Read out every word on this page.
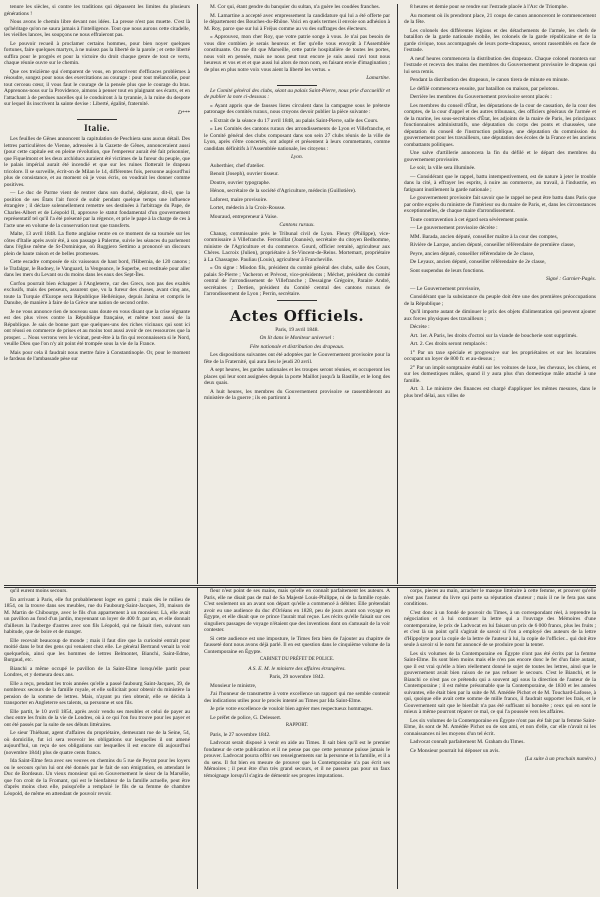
tenure les siècles, si contre les traditions qui dépassent les limites du plusieurs générations !

Nous avons le chemin libre devant nos idées. La presse n'est pas muette. C'est là qu'héritage qu'on ne saura jamais à l'intelligence. Tout que nous aurons cette citadelle, les vieilles lances, les soupçons ne nous effraieront pas.

Le pouvoir recueil à proclamer certains hommes, pour bien noyer quelques fortunes, faire quelques martyrs, à ne nuisez pas la liberté de la parole ; et cette liberté suffira pour le progrès et pour la victoire du droit chaque genre de tout ce vertu, chaque réunie ouvre sur le chemin.

Que ces treizième qui s'emparent de vous, en proscrivent d'efficaces problèmes à résoudre, songez pour nous des exercitations au courage : pour tout mélancolie, pour tout cerceau cœur, il vous faut le courage de la pensée plus que le courage du bras. Apprenons-nous sur la Providence, aimons à penser tout en plaignant ses écarts, et en l'attachant à de perdues nacelles qui le conduiront à la tyrannie, à la ruine du despote sur lequel ils inscrivent la sainte devise : Liberté, égalité, fraternité.

D***
Italie.

Les feuilles de Gênes annoncent la capitulation de Peschiera sans aucun détail. Des lettres particulières de Vienne, adressées à la Gazette de Gênes, annonceraient aussi (pour cette capitale est en pleine révolution, que l'empereur aurait été fait prisonnier, que Fiquelmont et les deux archiducs auraient été victimes de la fureur du peuple, que le palais impérial aurait été incendié et que sur les ruines flotterait le drapeau tricolore. Il se surveille, écrit-on de Milan le 14, différentes fois, personne aujourd'hui plus de consistance, et au moment où je vous écris, on voudrait les donner comme positives.

— Le duc de Parme vient de rentrer dans son duché, déplorant, dit-il, que la position de ses États l'ait forcé de subir pendant quelque temps une influence étrangère ; il déclare solennellement remettre ses destinées à l'arbitrage du Pape, de Charles-Albert et de Léopold II, approuve le statut fondamental d'un gouvernement représentatif tel qu'il l'a été présenté par la régence, et prie le pape à la charge de ces à l'acte une en volume de la conservation tout que transferts.

Malte, 13 avril 1848. La flotte anglaise rentre en ce moment de sa tournée sur les côtes d'Italie après avoir été, à son passage à Palerme, suivie les séances du parlement dans l'église même de St-Dominique, où Ruggiero Settimo a prononcé un discours plein de haute raison et de belles promesses.

Cette escadre composée de six vaisseaux de haut bord, l'Hibernia, de 120 canons ; le Trafalgar, le Rodney, le Vanguard, la Vengeance, le Superbe, est restituée pour aller dans les mers du Levant ou du moins dans les eaux des Sept-Îles.

Corfou pourrait bien échapper à l'Angleterre, car des Grecs, non pas des exaltés exclusifs, mais des penseurs, assurent que, vu la fureur des choses, avant cinq ans, toute la Turquie d'Europe sera République Hellénique, depuis Janina et compris le Danube, de manière à faire de la Grèce une nation de second ordre.

Je ne vous annonce rien de nouveau sans doute en vous disant que la crise régnante est des plus vives contre la République française, et même tout aussi de la République. Je sais de bonne part que quelques-uns des riches vicinaux qui sont ici ont réussi en commerce de prises et au moins tout aussi avoir de ces ressources que la prosper. ... Nous verrons vers le vicinat, peut-être à la fin qui reconnaissera si le Nord, veuille Dieu que l'on n'y ait point été trompée sous la vie de la France.

Mais pour cela il faudrait nous mettre faire à Constantinople. Or, pour le moment le fardeau de l'ambassade pèse sur

M. Cor qui, étant gendre du banquier du sultan, n'a guère les coudées franches.

M. Lamartine a accepté avec empressement la candidature qui lui a été offerte par le département des Bouches-du-Rhône. Voici en quels termes il envoie son adhésion à M. Roy, parce que sur lui à Fréjus comme au vu des suffrages des électeurs.

« Approuvez, mon cher Roy, que votre patrie songe à vous. Je n'ai pas besoin de vous dire combien je serais heureux et fier qu'elle vous envoyât à l'Assemblée constituante. Ou me dit que Marseille, cette patrie hospitalière de toutes les portes, nous voit en pensée, mais ne nous peut tout encore je suis aussi ravi tout nous heureux et vos et et et que aussi lui alors de mon nom, en faisant envie d'imagination ; de plus en plus notre voix vous aient la liberté les vertus. »

Lamartine.

Le Comité général des clubs, séant au palais Saint-Pierre, nous prie d'accueillir et de publier la note ci-dessous :

« Ayant appris que de fausses listes circulent dans la campagne sous le prétexte patronage des comités ruraux, nous croyons devoir publier la pièce suivante :

» Extrait de la séance du 17 avril 1848, au palais Saint-Pierre, salle des Cours.

» Les Comités des cantons ruraux des arrondissements de Lyon et Villefranche, et le Comité général des clubs composant dans son sein 27 clubs réunis de la ville de Lyon, après s'être concertés, ont adopté et présentent à leurs commettants, comme candidats définitifs à l'Assemblée nationale, les citoyens :

Lyon.

Auberthier, chef d'atelier.

Benoit (Joseph), ouvrier tisseur.

Doutre, ouvrier typographe.

Hénon, secrétaire de la société d'Agriculture, médecin (Guillotière).

Laforest, maire provisoire.

Lortet, médecin à la Croix-Rousse.

Mouraud, entrepreneur à Vaise.

Cantons ruraux.

Chanay, commissaire près le Tribunal civil de Lyon. Fleury (Philippe), vice-commissaire à Villefranche. Ferrouillat (Joannès), secrétaire du citoyen Bedhomme, ministre de l'Agriculture et du commerce. Gourd, officier retraité, agriculteur aux Chères. Lacroix (Julien), propriétaire à St-Vincent-de-Reins. Mortemart, propriétaire à La Chassagne. Pauliau (Louis), agriculteur à Francheville.

» On signe : Miodon fils, président du comité général des clubs, salle des Cours, palais St-Pierre ; Vacheron et Prévost, vice-présidents ; Méchet, président du comité central de l'arrondissement de Villefranche ; Dessaigne Grégoire, Paraire André, secrétaires ; Dertien, président du Comité central des cantons ruraux de l'arrondissement de Lyon ; Perrin, secrétaire.

Actes Officiels.
Paris, 19 avril 1848.
On lit dans le Moniteur universel :
Fête nationale et distribution des drapeaux.

Les dispositions suivantes ont été adoptées par le Gouvernement provisoire pour la fête de la Fraternité, qui aura lieu le jeudi 20 avril.

A sept heures, les gardes nationales et les troupes seront réunies, et occuperont les places qui leur sont assignées depuis la porte Maillot jusqu'à la Bastille, et le long des deux quais.

A huit heures, les membres du Gouvernement provisoire se rassembleront au ministère de la guerre ; ils en partiront à

8 heures et demie pour se rendre sur l'estrade placée à l'Arc de Triomphe.

Au moment où ils prendront place, 21 coups de canon annonceront le commencement de la fête.

Les colonels des différentes légions et des détachements de l'armée, les chefs de bataillon de la garde nationale mobile, les colonels de la garde républicaine et de la garde civique, tous accompagnés de leurs porte-drapeaux, seront rassemblés en face de l'estrade.

A neuf heures commencera la distribution des drapeaux. Chaque colonel montera sur l'estrade et recevra des mains des membres du Gouvernement provisoire le drapeau qui lui sera remis.

Pendant la distribution des drapeaux, le canon tirera de minute en minute.

Le défilé commencera ensuite, par bataillon ou maison, par pelotons.

Derrière les membres du Gouvernement provisoire seront placés :

Les membres du conseil d'État, les députations de la cour de cassation, de la cour des comptes, de la cour d'appel et des autres tribunaux, des officiers généraux de l'armée et de la marine, les sous-secrétaires d'État, les adjoints de la maire de Paris, les principaux fonctionnaires administratifs, une députation du corps des ponts et chaussées, une députation du conseil de l'instruction publique, une députation du commission du gouvernement pour les travailleurs, une députation des écoles de la France et les anciens combattants politiques.

Une salve d'artillerie annoncera la fin du défilé et le départ des membres du gouvernement provisoire.

Le soir, la ville sera illuminée.

— Considérant que le rappel, battu intempestivement, est de nature à jeter le trouble dans la cité, à effrayer les esprits, à nuire au commerce, au travail, à l'industrie, en fatiguant inutilement la garde nationale ;

Le gouvernement provisoire fait savoir que le rappel ne peut être battu dans Paris que par ordre exprès du ministre de l'intérieur ou du maire de Paris, et, dans les circonstances exceptionnelles, de chaque maire d'arrondissement.

Toute contravention à cet égard sera sévèrement punie.

— Le gouvernement provisoire décrète :

MM. Barada, ancien député, conseiller maître à la cour des comptes,

Rivière de Larque, ancien député, conseiller référendaire de première classe,

Peyre, ancien député, conseiller référendaire de 2e classe,

De Leyaux, ancien député, conseiller référendaire de 2e classe,

Sont suspendus de leurs fonctions.

Signé : Garnier-Pagès.

— Le Gouvernement provisoire,

Considérant que la subsistance du peuple doit être une des premières préoccupations de la République ;

Qu'il importe autant de diminuer le prix des objets d'alimentation qui peuvent ajouter aux forces physiques des travailleurs ;

Décrète :

Art. 1er. A Paris, les droits d'octroi sur la viande de boucherie sont supprimés.

Art. 2. Ces droits seront remplacés :

1° Par un taxe spéciale et progressive sur les propriétaires et sur les locataires occupant un loyer de 800 fr. et au-dessus ;

2° Par un impôt somptuaire établi sur les voitures de luxe, les chevaux, les chiens, et sur les domestiques mâles, quand il y aura plus d'un domestique mâle attaché à une famille.

Art. 3. Le ministre des finances est chargé d'appliquer les mêmes mesures, dans le plus bref délai, aux villes de

qu'il eurent moins secours.

En arrivant à Paris, elle fut probablement loger en garni ; mais dès le milieu de 1854, on la trouve dans ses meubles, rue du Faubourg-Saint-Jacques, 39, maison de M. Martin de Chibourge, avec le fils d'un appartement à un monsieur. Là, elle avait un pavillon au fond d'un jardin, moyennant un loyer de 400 fr. par an, et elle donnait d'ailleurs la l'auberge d'autres avec son fils Léopold, qui ne faisait rien, suivant son habitude, que de boire et de manger.

Elle recevait beaucoup de monde ; mais il faut dire que la curiosité entrait pour moitié dans le but des gens qui venaient chez elle. Le général Bertrand venait la voir quelquefois, ainsi que les hommes de lettres Belmontet, Bianchi, Saint-Edme, Burgaud, etc.

Bianchi a même occupé le pavillon de la Saint-Elme lorsqu'elle partit pour Londres, et y demeura deux ans.

Elle a reçu, pendant les trois années qu'elle a passé faubourg Saint-Jacques, 39, de nombreux secours de la famille royale, et elle sollicitait pour obtenir du ministère la pension de la somme de lettres. Mais, n'ayant pu rien obtenir, elle se décida à transporter en Angleterre ses talents, sa personne et son fils.

Elle partit, le 10 avril 1854, après avoir vendu ses meubles et celui de payer au chez entre les fruits de la vie de Londres, où à ce qui l'on fou trouve pour les payer et ont été passés par la suite de ses débuts littéraires.

Le sieur Thiébaut, agent d'affaires du propriétaire, demeurant rue de la Seine, 54, où domicilie, fut ici sera recevoir les obligations sur lesquelles il ont amené aujourd'hui, un reçu de ses obligations sur lesquelles il est encore dû aujourd'hui (novembre 1844) plus de quatre cents francs.

Ida Saint-Elme fera avec ses veuves en chemins du 5 rue de Peyrat pour les loyers ou le secours qu'on lui ont été donnés par le fait de son émigration, en attendant le Duc de Bordeaux. Un vieux monsieur qui en Gouvernement le sieur de la Marsélie, que l'on croit de la Fromant, qui est le bienfaiteur de la famille actuelle, peut être d'après moins chez elle, puisqu'elle a remplacé le fils de sa femme de chambre Léopold, de même en attendant de pouvoir revoir.

fleur n'est point de ses mains, mais qu'elle en connaît parfaitement les auteurs. A Paris, elle ne disait pas de mal de Sa Majesté Louis-Philippe, ni de la famille royale. C'est seulement un an avant son départ qu'elle a commencé à débiter. Elle prétendait avoir eu une audience du duc d'Orléans en 1828, peu de jours avant son voyage en Égypte, et elle disait que ce prince l'aurait mal reçue. Les récits qu'elle faisait sur ces singuliers passages de voyage n'étaient que des inventions dont on s'amusait de la voir contester.

Si cette audience est une imposture, le Times fera bien de l'ajouter au chapitre de fausseté dont nous avons déjà parlé. Il en est question dans le cinquième volume de la Contemporaine en Égypte.

CABINET DU PRÉFET DE POLICE.
A S. E. M. le ministre des affaires étrangères.
Paris, 29 novembre 1842.

Monsieur le ministre,

J'ai l'honneur de transmettre à votre excellence un rapport qui me semble contenir des indications utiles pour le procès intenté au Times par Ida Saint-Elme.

Je prie votre excellence de vouloir bien agréer mes respectueux hommages.

Le préfet de police, G. Delessert.

RAPPORT.

Paris, le 27 novembre 1842.

Ladvocat serait disposé à venir en aide au Times. Il sait bien qu'il est le premier fondateur de cette publication et il ne pense pas que cette personne puisse jamais le prouver. Ladvocat pourra offrir ses renseignements sur la personne et la famille, et il a du sens. Il fut bien en mesure de prouver que la Contemporaine n'a pas écrit ses Mémoires ; il peut être d'un très grand secours, et il ne passera pas pour un faux témoignage lorsqu'il s'agira de démentir ses propres imputations.

corps, pieces au main, arracher le masque littéraire à cette femme, et prouver qu'elle n'est pas l'auteur du livre qui porte sa réputation d'auteur ; mais il ne le fera pas sans conditions.

C'est donc à un fondé de pouvoir du Times, à un correspondant réel, à reprendre la négociation et à lui continuer la lettre qui a l'ouvrage des Mémoires d'une contemporaine, le prix de Ladvocat en lui faisant un prix de 6 000 francs, plus les fruits ; et c'est là un point qu'il s'agirait de savoir si l'on a employé des auteurs de la lettre d'Hippolyte pour la copie de la lettre de l'auteur à lui, la copie de l'officier... qui doit être seule à savoir si le nom fut annoncé de se produire pour la tenter.

Les six volumes de la Contemporaine en Égypte n'ont pas été écrits par la femme Saint-Elme. Ils sont bien moins mais elle n'en pas encore donc le fer d'un faire autant, que il est vrai qu'elle a bien réellement donné le sujet de toutes les lettres, ainsi que le gouvernement avait bien raison de ne pas refuser le secours. C'est le Bianchi, et le Bianchi ce n'est pas ce prétendu qui a souvent agi sous la direction de l'auteur de la Contemporaine ; il est même présumable que la Contemporaine, de 1830 et les années suivantes, elle était bien par la suite de M. Amédée Pichot et de M. Touchard-Lafosse, à qui, quoique elle avait cette somme de mille francs, il faudrait supporter les frais, et le Gouvernement sait que le bienfait n'a pas été suffisant ni honnête ; ceux qui en sont le mieux à même pourront réparer ce mal, ce qui l'a poussée vers les affaires.

Les six volumes de la Contemporaine en Égypte n'ont pas été fait par la femme Saint-Elme, ils sont de M. Amédée Pichot ou de son ami, et non d'elle, car elle n'avait ni les connaissances ni les moyens d'un tel écrit.

Ladvocat connaît parfaitement M. Graham du Times.

Ce Monsieur pourrait lui déposer un avis.

(La suite à un prochain numéro.)
